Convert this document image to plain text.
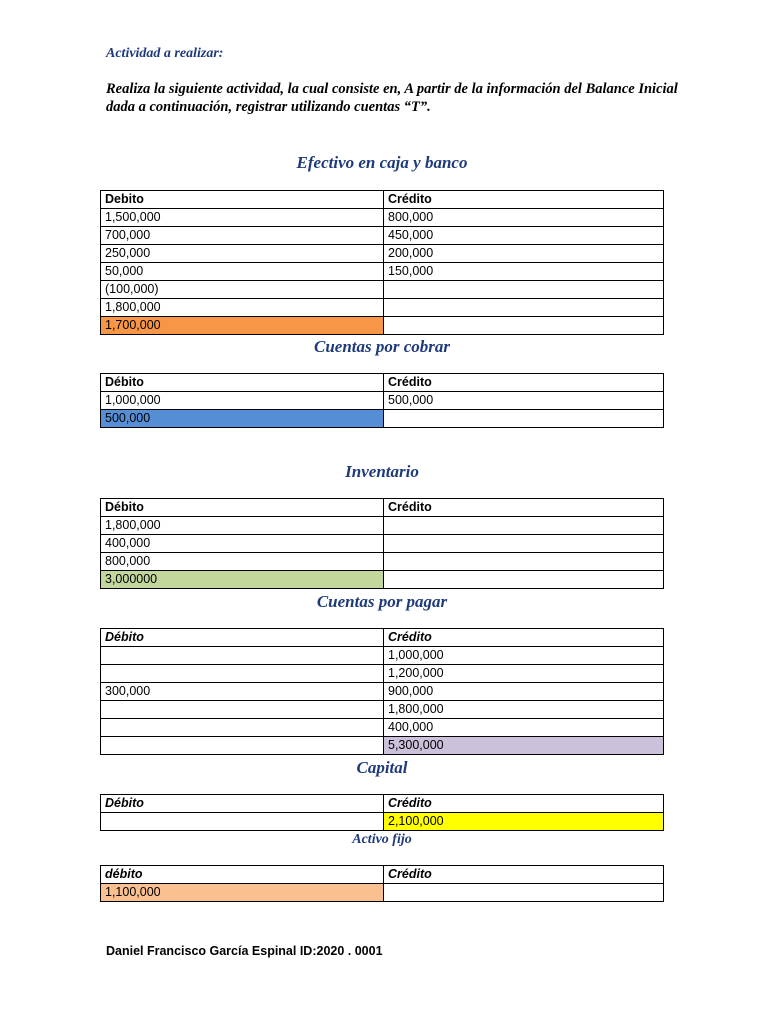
Actividad a realizar:
Realiza la siguiente actividad, la cual consiste en, A partir de la información del Balance Inicial dada a continuación, registrar utilizando cuentas “T”.
Efectivo en caja y banco
Debito	Crédito
1,500,000	800,000
700,000	450,000
250,000	200,000
50,000	150,000
(100,000)	
1,800,000	
1,700,000	
Cuentas por cobrar
Débito	Crédito
1,000,000	500,000
500,000	
Inventario
Débito	Crédito
1,800,000	
400,000	
800,000	
3,000000	
Cuentas por pagar
Débito	Crédito
	1,000,000
	1,200,000
300,000	900,000
	1,800,000
	400,000
	5,300,000
Capital
Débito	Crédito
	2,100,000
Activo fijo
débito	Crédito
1,100,000	
Daniel Francisco García Espinal ID:2020 . 0001
